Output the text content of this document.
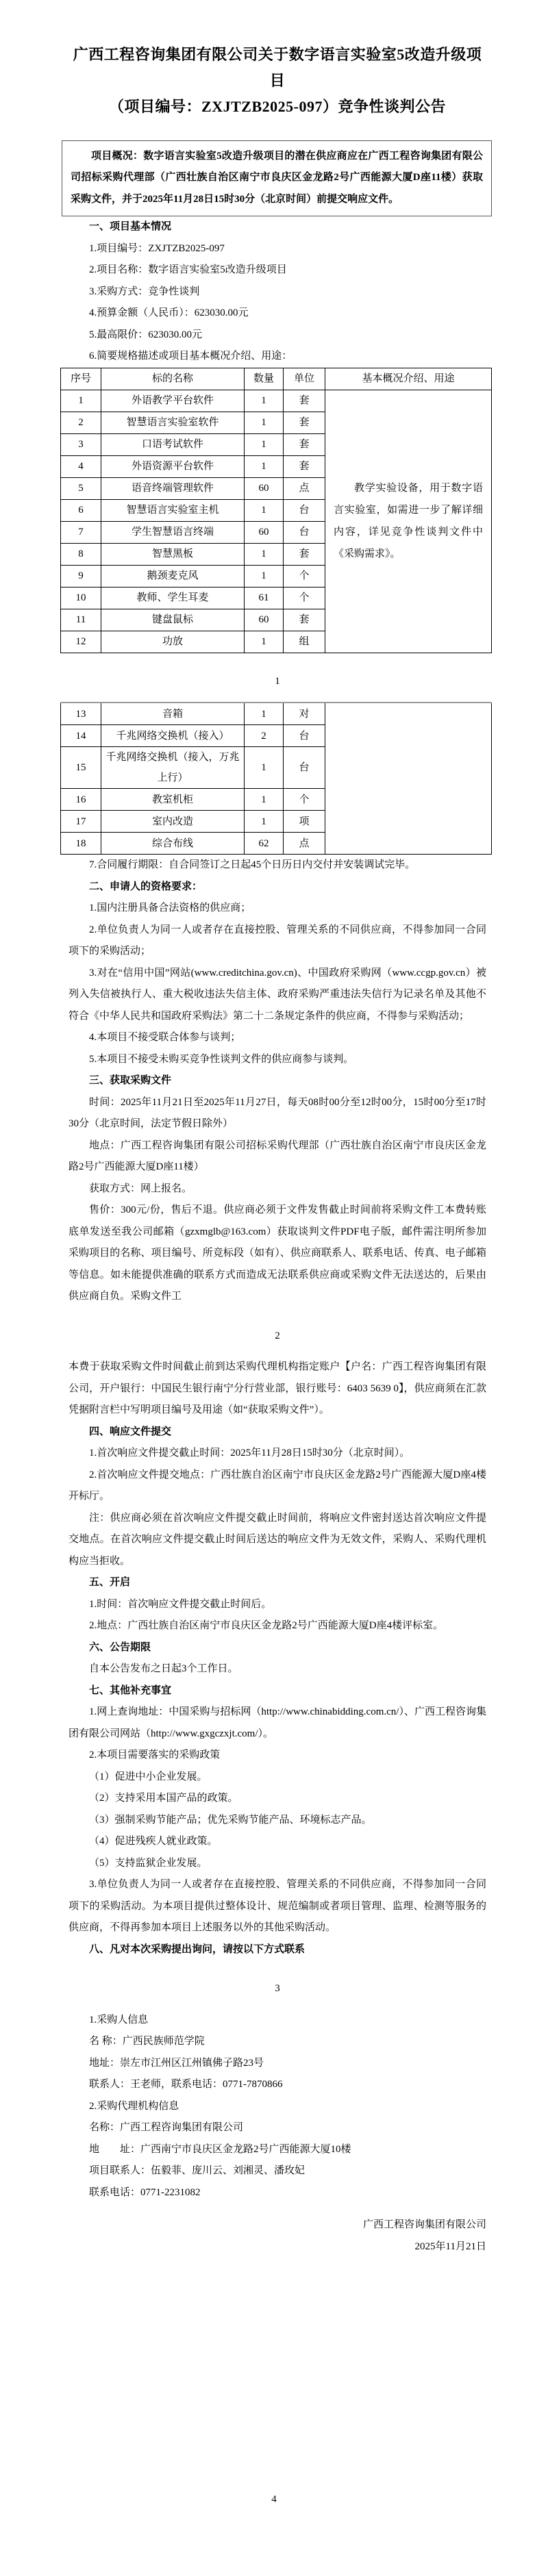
广西工程咨询集团有限公司关于数字语言实验室5改造升级项目
（项目编号：ZXJTZB2025-097）竞争性谈判公告

项目概况：数字语言实验室5改造升级项目的潜在供应商应在广西工程咨询集团有限公司招标采购代理部（广西壮族自治区南宁市良庆区金龙路2号广西能源大厦D座11楼）获取采购文件，并于2025年11月28日15时30分（北京时间）前提交响应文件。

一、项目基本情况
1.项目编号：ZXJTZB2025-097
2.项目名称：数字语言实验室5改造升级项目
3.采购方式：竞争性谈判
4.预算金额（人民币）：623030.00元
5.最高限价：623030.00元
6.简要规格描述或项目基本概况介绍、用途：
序号	标的名称	数量	单位	基本概况介绍、用途
1	外语教学平台软件	1	套	教学实验设备，用于数字语言实验室，如需进一步了解详细内容，详见竞争性谈判文件中《采购需求》。
2	智慧语言实验室软件	1	套	
3	口语考试软件	1	套	
4	外语资源平台软件	1	套	
5	语音终端管理软件	60	点	
6	智慧语言实验室主机	1	台	
7	学生智慧语言终端	60	台	
8	智慧黑板	1	套	
9	鹅颈麦克风	1	个	
10	教师、学生耳麦	61	个	
11	键盘鼠标	60	套	
12	功放	1	组	
1
13	音箱	1	对	
14	千兆网络交换机（接入）	2	台	
15	千兆网络交换机（接入，万兆上行）	1	台	
16	教室机柜	1	个	
17	室内改造	1	项	
18	综合布线	62	点	
7.合同履行期限：自合同签订之日起45个日历日内交付并安装调试完毕。
二、申请人的资格要求：
1.国内注册具备合法资格的供应商；
2.单位负责人为同一人或者存在直接控股、管理关系的不同供应商，不得参加同一合同项下的采购活动；
3.对在“信用中国”网站(www.creditchina.gov.cn)、中国政府采购网（www.ccgp.gov.cn）被列入失信被执行人、重大税收违法失信主体、政府采购严重违法失信行为记录名单及其他不符合《中华人民共和国政府采购法》第二十二条规定条件的供应商，不得参与采购活动；
4.本项目不接受联合体参与谈判；
5.本项目不接受未购买竞争性谈判文件的供应商参与谈判。
三、获取采购文件
时间：2025年11月21日至2025年11月27日，每天08时00分至12时00分，15时00分至17时30分（北京时间，法定节假日除外）
地点：广西工程咨询集团有限公司招标采购代理部（广西壮族自治区南宁市良庆区金龙路2号广西能源大厦D座11楼）
获取方式：网上报名。
售价：300元/份，售后不退。供应商必须于文件发售截止时间前将采购文件工本费转账底单发送至我公司邮箱（gzxmglb@163.com）获取谈判文件PDF电子版，邮件需注明所参加采购项目的名称、项目编号、所竞标段（如有）、供应商联系人、联系电话、传真、电子邮箱等信息。如未能提供准确的联系方式而造成无法联系供应商或采购文件无法送达的，后果由供应商自负。采购文件工
2
本费于获取采购文件时间截止前到达采购代理机构指定账户【户名：广西工程咨询集团有限公司，开户银行：中国民生银行南宁分行营业部，银行账号：6403 5639 0】，供应商须在汇款凭据附言栏中写明项目编号及用途（如“获取采购文件”）。
四、响应文件提交
1.首次响应文件提交截止时间：2025年11月28日15时30分（北京时间）。
2.首次响应文件提交地点：广西壮族自治区南宁市良庆区金龙路2号广西能源大厦D座4楼开标厅。
注：供应商必须在首次响应文件提交截止时间前，将响应文件密封送达首次响应文件提交地点。在首次响应文件提交截止时间后送达的响应文件为无效文件，采购人、采购代理机构应当拒收。
五、开启
1.时间：首次响应文件提交截止时间后。
2.地点：广西壮族自治区南宁市良庆区金龙路2号广西能源大厦D座4楼评标室。
六、公告期限
自本公告发布之日起3个工作日。
七、其他补充事宜
1.网上查询地址：中国采购与招标网（http://www.chinabidding.com.cn/）、广西工程咨询集团有限公司网站（http://www.gxgczxjt.com/）。
2.本项目需要落实的采购政策
（1）促进中小企业发展。
（2）支持采用本国产品的政策。
（3）强制采购节能产品；优先采购节能产品、环境标志产品。
（4）促进残疾人就业政策。
（5）支持监狱企业发展。
3.单位负责人为同一人或者存在直接控股、管理关系的不同供应商，不得参加同一合同项下的采购活动。为本项目提供过整体设计、规范编制或者项目管理、监理、检测等服务的供应商，不得再参加本项目上述服务以外的其他采购活动。
八、凡对本次采购提出询问，请按以下方式联系
3
1.采购人信息
名 称：广西民族师范学院
地址：崇左市江州区江州镇佛子路23号
联系人：王老师，联系电话：0771-7870866
2.采购代理机构信息
名称：广西工程咨询集团有限公司
地　　址：广西南宁市良庆区金龙路2号广西能源大厦10楼
项目联系人：伍毅菲、庞川云、刘湘灵、潘玫妃
联系电话：0771-2231082
广西工程咨询集团有限公司
2025年11月21日
4
